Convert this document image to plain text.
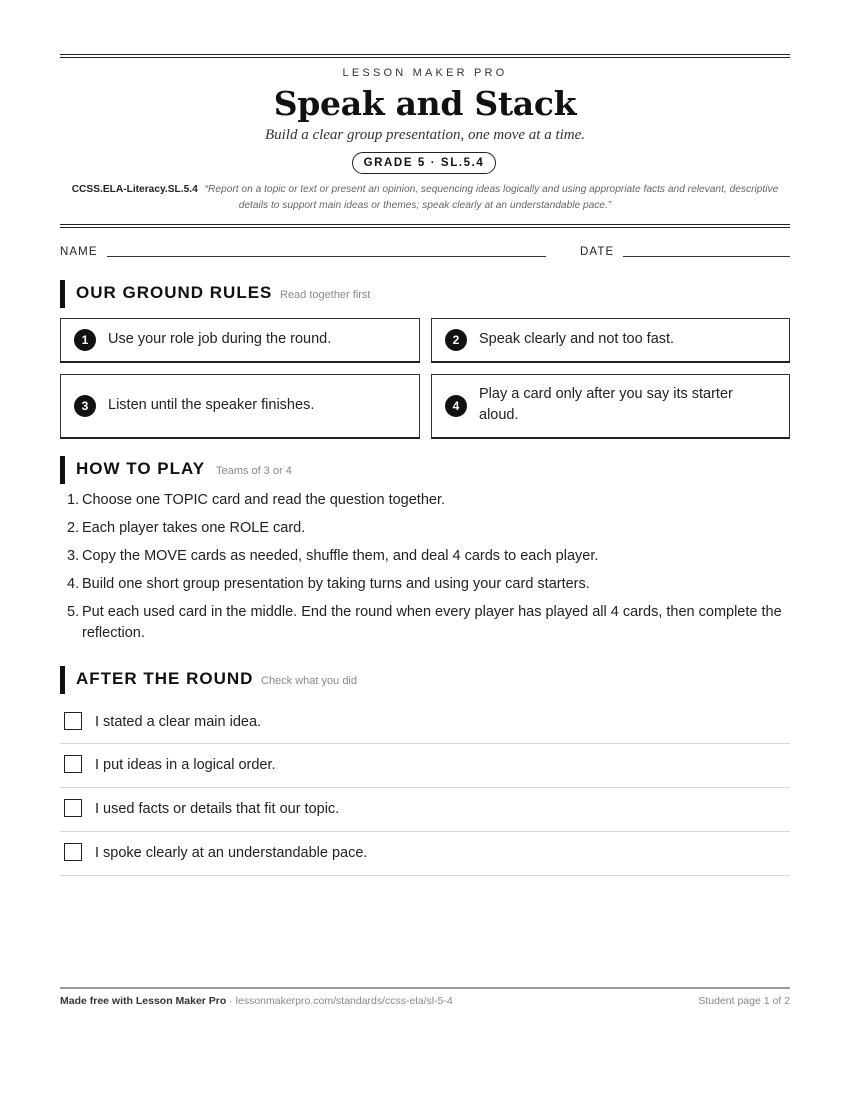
LESSON MAKER PRO
Speak and Stack
Build a clear group presentation, one move at a time.
GRADE 5 · SL.5.4
CCSS.ELA-Literacy.SL.5.4 “Report on a topic or text or present an opinion, sequencing ideas logically and using appropriate facts and relevant, descriptive details to support main ideas or themes; speak clearly at an understandable pace.”
NAME	DATE
OUR GROUND RULES Read together first
1	Use your role job during the round.	2	Speak clearly and not too fast.
3	Listen until the speaker finishes.	4
Play a card only after you say its starter aloud.
HOW TO PLAY Teams of 3 or 4
1. Choose one TOPIC card and read the question together.
2. Each player takes one ROLE card.
3. Copy the MOVE cards as needed, shuffle them, and deal 4 cards to each player.
4. Build one short group presentation by taking turns and using your card starters.
5. Put each used card in the middle. End the round when every player has played all 4 cards, then complete the reflection.
AFTER THE ROUND Check what you did
I stated a clear main idea.
I put ideas in a logical order.
I used facts or details that fit our topic.
I spoke clearly at an understandable pace.
Made free with Lesson Maker Pro · lessonmakerpro.com/standards/ccss-ela/sl-5-4	Student page 1 of 2
